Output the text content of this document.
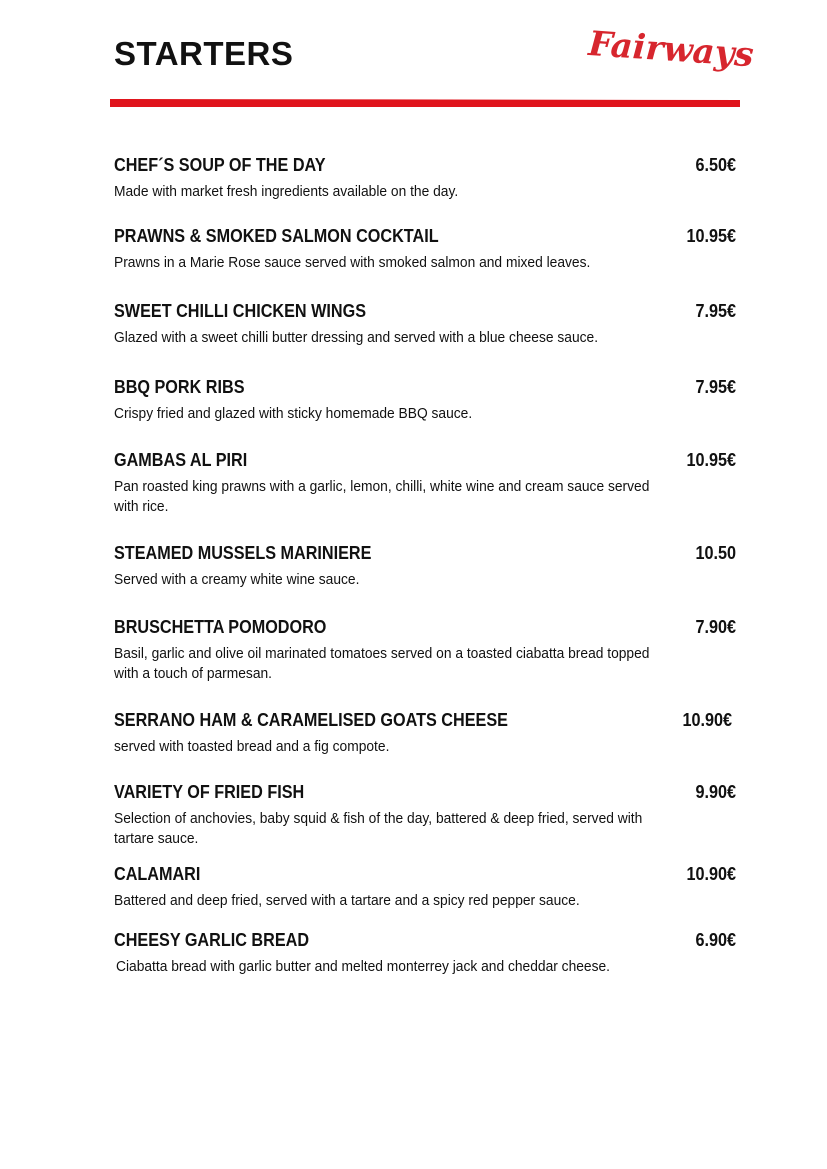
STARTERS	Fairways
CHEF´S SOUP OF THE DAY	6.50€
Made with market fresh ingredients available on the day.
PRAWNS & SMOKED SALMON COCKTAIL	10.95€
Prawns in a Marie Rose sauce served with smoked salmon and mixed leaves.
SWEET CHILLI CHICKEN WINGS	7.95€
Glazed with a sweet chilli butter dressing and served with a blue cheese sauce.
BBQ PORK RIBS	7.95€
Crispy fried and glazed with sticky homemade BBQ sauce.
GAMBAS AL PIRI	10.95€
Pan roasted king prawns with a garlic, lemon, chilli, white wine and cream sauce served with rice.
STEAMED MUSSELS MARINIERE	10.50
Served with a creamy white wine sauce.
BRUSCHETTA POMODORO	7.90€
Basil, garlic and olive oil marinated tomatoes served on a toasted ciabatta bread topped with a touch of parmesan.
SERRANO HAM & CARAMELISED GOATS CHEESE	10.90€
served with toasted bread and a fig compote.
VARIETY OF FRIED FISH	9.90€
Selection of anchovies, baby squid & fish of the day, battered & deep fried, served with tartare sauce.
CALAMARI	10.90€
Battered and deep fried, served with a tartare and a spicy red pepper sauce.
CHEESY GARLIC BREAD	6.90€
Ciabatta bread with garlic butter and melted monterrey jack and cheddar cheese.
